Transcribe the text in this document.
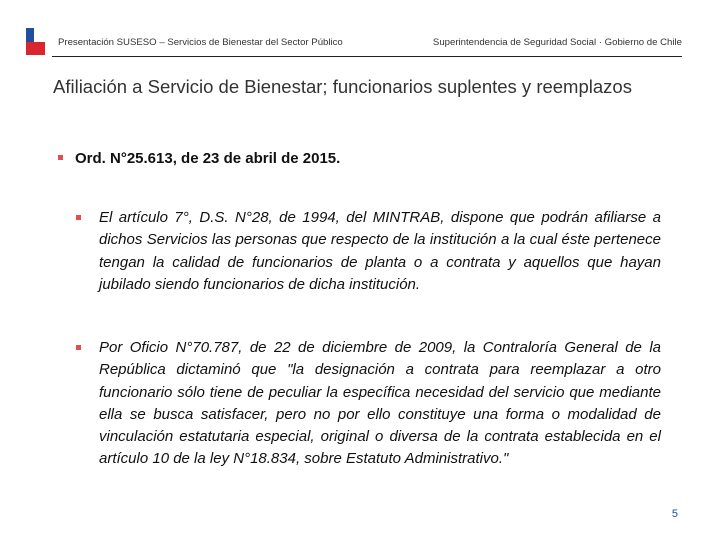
Presentación SUSESO – Servicios de Bienestar del Sector Público	Superintendencia de Seguridad Social · Gobierno de Chile
Afiliación a Servicio de Bienestar; funcionarios suplentes y reemplazos
Ord. N°25.613, de 23 de abril de 2015.
El artículo 7°, D.S. N°28, de 1994, del MINTRAB, dispone que podrán afiliarse a dichos Servicios las personas que respecto de la institución a la cual éste pertenece tengan la calidad de funcionarios de planta o a contrata y aquellos que hayan jubilado siendo funcionarios de dicha institución.
Por Oficio N°70.787, de 22 de diciembre de 2009, la Contraloría General de la República dictaminó que "la designación a contrata para reemplazar a otro funcionario sólo tiene de peculiar la específica necesidad del servicio que mediante ella se busca satisfacer, pero no por ello constituye una forma o modalidad de vinculación estatutaria especial, original o diversa de la contrata establecida en el artículo 10 de la ley N°18.834, sobre Estatuto Administrativo."
5
